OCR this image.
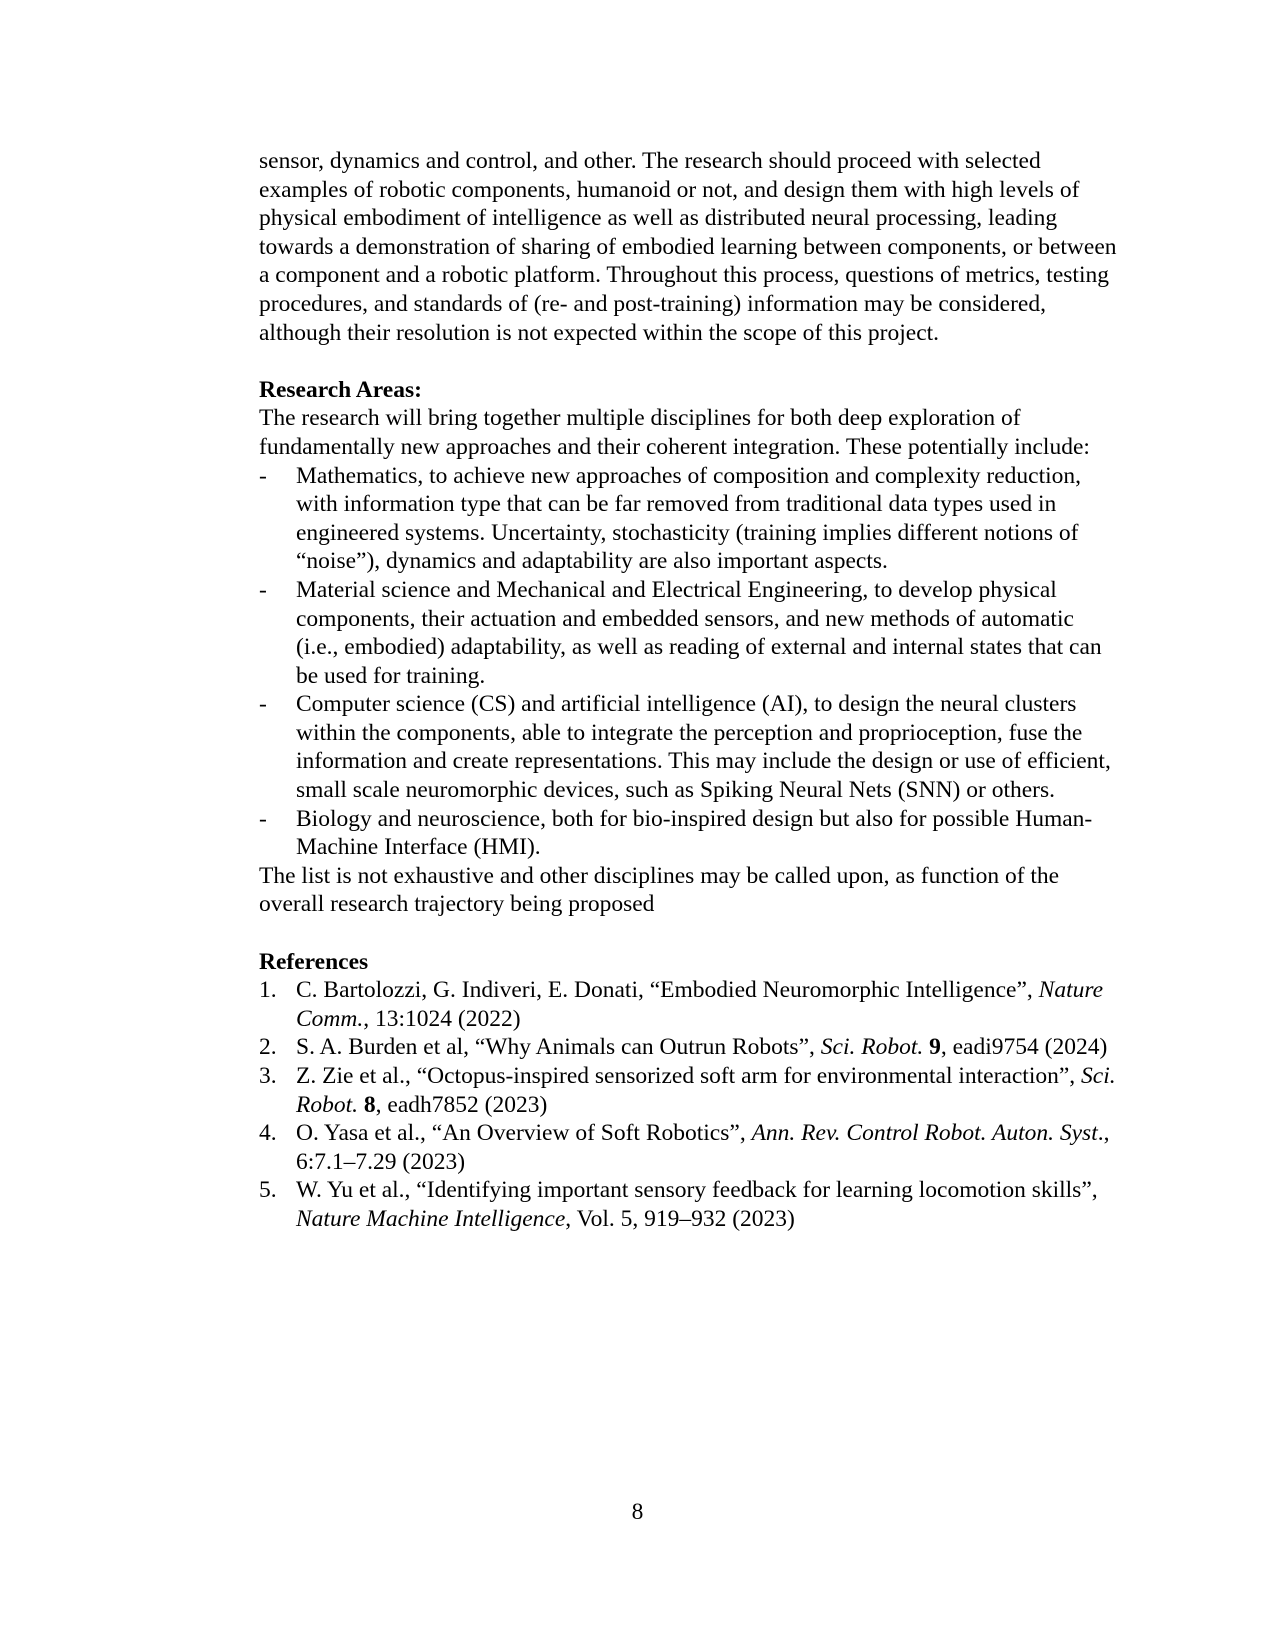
sensor, dynamics and control, and other. The research should proceed with selected examples of robotic components, humanoid or not, and design them with high levels of physical embodiment of intelligence as well as distributed neural processing, leading towards a demonstration of sharing of embodied learning between components, or between a component and a robotic platform. Throughout this process, questions of metrics, testing procedures, and standards of (re- and post-training) information may be considered, although their resolution is not expected within the scope of this project.

Research Areas:

The research will bring together multiple disciplines for both deep exploration of fundamentally new approaches and their coherent integration. These potentially include:

- Mathematics, to achieve new approaches of composition and complexity reduction, with information type that can be far removed from traditional data types used in engineered systems. Uncertainty, stochasticity (training implies different notions of “noise”), dynamics and adaptability are also important aspects.
- Material science and Mechanical and Electrical Engineering, to develop physical components, their actuation and embedded sensors, and new methods of automatic (i.e., embodied) adaptability, as well as reading of external and internal states that can be used for training.
- Computer science (CS) and artificial intelligence (AI), to design the neural clusters within the components, able to integrate the perception and proprioception, fuse the information and create representations. This may include the design or use of efficient, small scale neuromorphic devices, such as Spiking Neural Nets (SNN) or others.
- Biology and neuroscience, both for bio-inspired design but also for possible Human-Machine Interface (HMI).

The list is not exhaustive and other disciplines may be called upon, as function of the overall research trajectory being proposed

References

1. C. Bartolozzi, G. Indiveri, E. Donati, “Embodied Neuromorphic Intelligence”, Nature Comm., 13:1024 (2022)
2. S. A. Burden et al, “Why Animals can Outrun Robots”, Sci. Robot. 9, eadi9754 (2024)
3. Z. Zie et al., “Octopus-inspired sensorized soft arm for environmental interaction”, Sci. Robot. 8, eadh7852 (2023)
4. O. Yasa et al., “An Overview of Soft Robotics”, Ann. Rev. Control Robot. Auton. Syst., 6:7.1–7.29 (2023)
5. W. Yu et al., “Identifying important sensory feedback for learning locomotion skills”, Nature Machine Intelligence, Vol. 5, 919–932 (2023)
8
